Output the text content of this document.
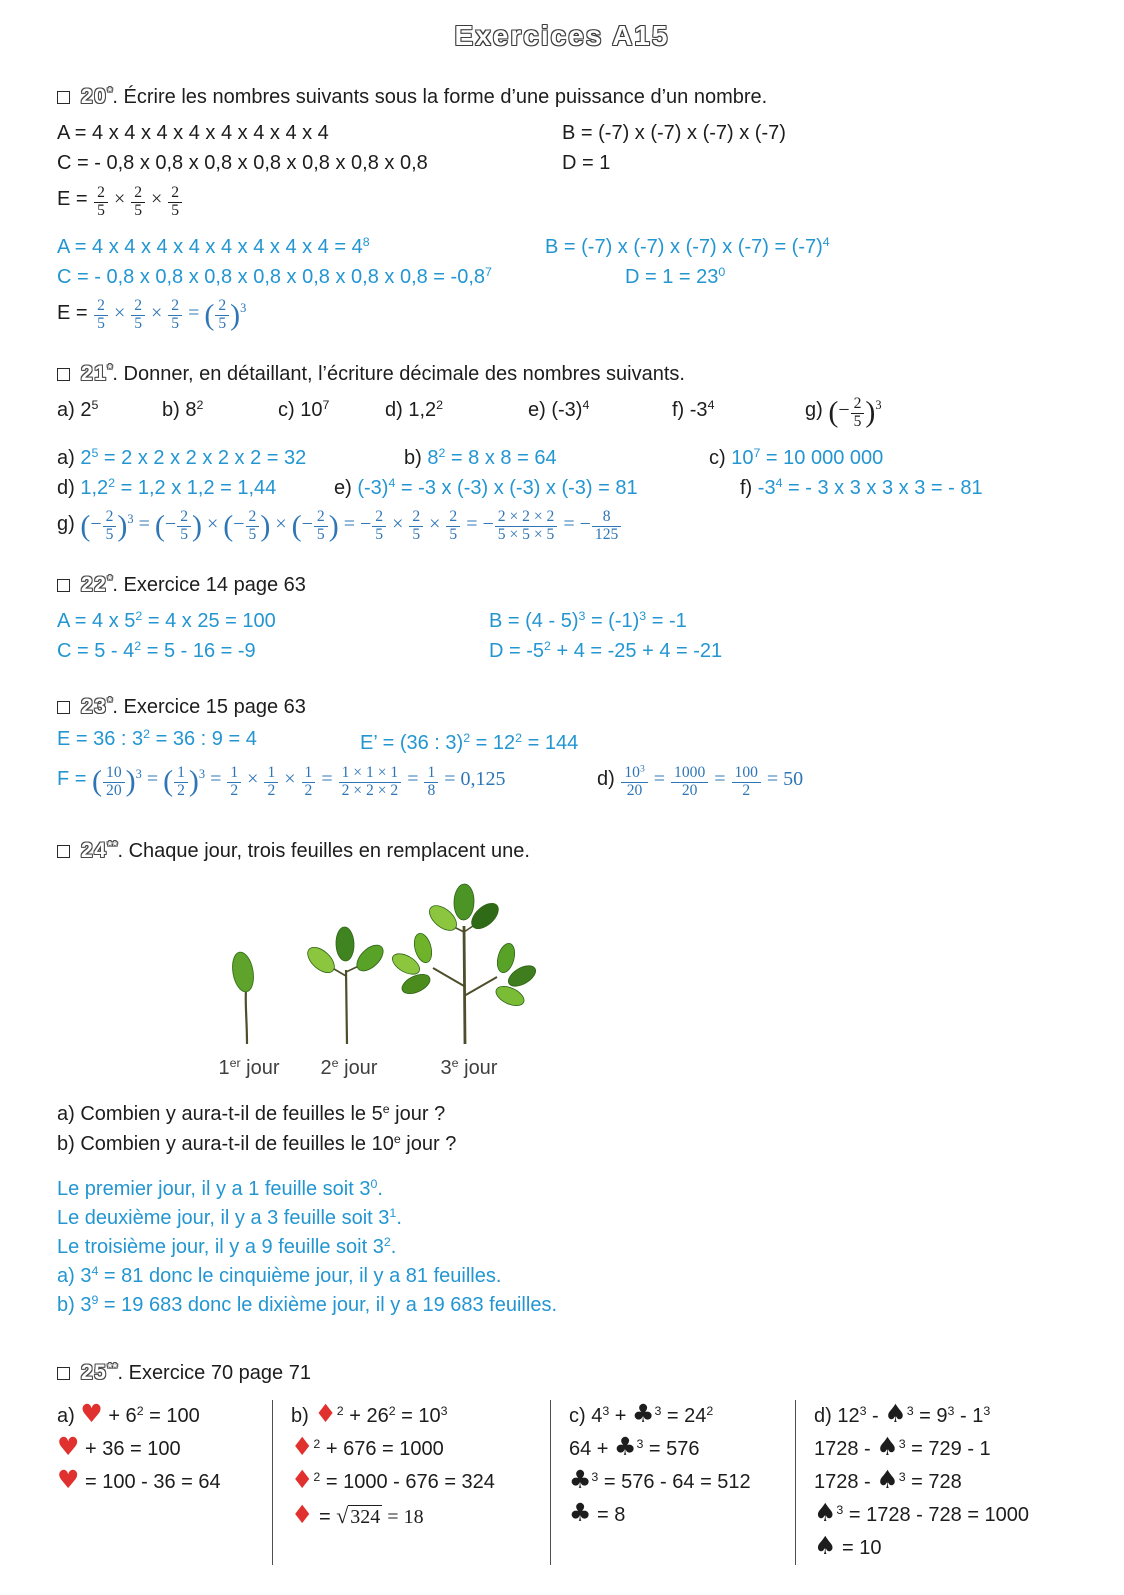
Exercices A15
20*. Écrire les nombres suivants sous la forme d’une puissance d’un nombre.
A = 4 x 4 x 4 x 4 x 4 x 4 x 4 x 4	B = (-7) x (-7) x (-7) x (-7)
C = - 0,8 x 0,8 x 0,8 x 0,8 x 0,8 x 0,8 x 0,8	D = 1
$E = \frac{2}{5} \times \frac{2}{5} \times \frac{2}{5}$
A = 4 x 4 x 4 x 4 x 4 x 4 x 4 x $4 = 4^8$	B = (-7) x (-7) x (-7) x $(-7) = (-7)^4$
C = - 0,8 x 0,8 x 0,8 x 0,8 x 0,8 x 0,8 x $0,8 = -0,8^7$	$D = 1 = 23^0$
$E = \frac{2}{5} \times \frac{2}{5} \times \frac{2}{5}$ = ( $\frac{2}{5} )^3$
21*. Donner, en détaillant, l’écriture décimale des nombres suivants.
a) $2^5$	b) $8^2$	c) $10^7$	d) $1,2^2$	e) $(-3)^4$	f) $-3^4$	g) (− $\frac{2}{5} )^3$
a) $2^5 = 2$ x 2 x 2 x 2 x 2 = 32	b) $8^2 = 8$ x 8 = 64	c) $10^7 = 10$ 000 000
d) $1,2^2 = 1,2$ x 1,2 = 1,44	e) $(-3)^4 = -3$ x (-3) x (-3) x (-3) = 81	f) $-3^4$ = - 3 x 3 x 3 x 3 = - 81
g) (− $\frac{2}{5} )^3$ = (− $\frac{2}{5}$ ) × (− $\frac{2}{5}$ ) × (− $\frac{2}{5}$ ) = − $\frac{2}{5} \times \frac{2}{5} \times \frac{2}{5}$ = − $\frac{2 \times 2 \times 2}{5 \times 5 \times 5}$ = − $\frac{8}{125}$
22*. Exercice 14 page 63
A = 4 x $5^2 = 4$ x 25 = 100	$B = (4 - 5)^3 = (-1)^3 = -1$
$C = 5 - 4^2 = 5 - 16 = -9$	$D = -5^2 + 4 = -25 + 4 = -21$
23*. Exercice 15 page 63
E = 36 : $3^2 = 36$ : 9 = 4	E’ = (36 : $3)^2 = 12^2 = 144$
F = ( $\frac{10}{20} )^3$ = ( $\frac{1}{2} )^3 = \frac{1}{2} \times \frac{1}{2} \times \frac{1}{2} = \frac{1 \times 1 \times 1}{2 \times 2 \times 2} = \frac{1}{8} = 0,125$	$d) \frac{10^3}{20} = \frac{1000}{20} = \frac{100}{2} = 50$
24**. Chaque jour, trois feuilles en remplacent une.
1er jour 2e jour	3e jour
a) Combien y aura-t-il de feuilles le 5e jour ?
b) Combien y aura-t-il de feuilles le 10e jour ?
Le premier jour, il y a 1 feuille soit $3^0$.
Le deuxième jour, il y a 3 feuille soit $3^1$.
Le troisième jour, il y a 9 feuille soit $3^2$.
a) $3^4 = 81$ donc le cinquième jour, il y a 81 feuilles.
b) $3^9 = 19$ 683 donc le dixième jour, il y a 19 683 feuilles.
25**. Exercice 70 page 71
a) ♥ + $6^2 = 100$
♥ + 36 = 100
♥ = 100 - 36 = 64
b) ♦$^2$ + $26^2 = 10^3$
♦$^2$ + 676 = 1000
♦$^2$ = 1000 - 676 = 324
♦ = √ 324 = 18
c) $4^3$ + ♣$^3$ = $24^2$
64 + ♣$^3$ = 576
♣$^3$ = 576 - 64 = 512
♣ = 8
d) $12^3$ - ♠$^3$ = $9^3 - 1^3$
1728 - ♠$^3$ = 729 - 1
1728 - ♠$^3$ = 728
♠$^3$ = 1728 - 728 = 1000
♠ = 10
